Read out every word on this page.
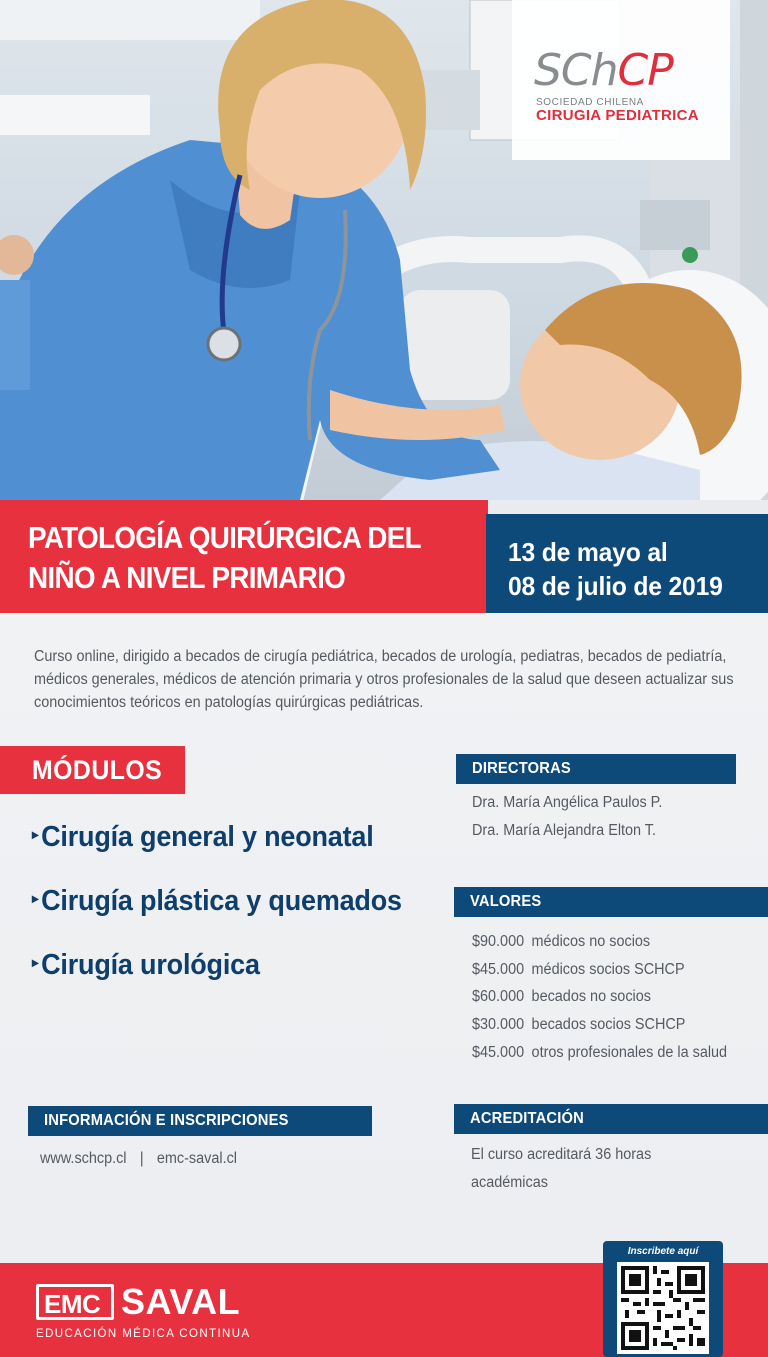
SChCP
SOCIEDAD CHILENA
CIRUGIA PEDIATRICA
PATOLOGÍA QUIRÚRGICA DEL
NIÑO A NIVEL PRIMARIO
13 de mayo al
08 de julio de 2019

Curso online, dirigido a becados de cirugía pediátrica, becados de urología, pediatras, becados de pediatría, médicos generales, médicos de atención primaria y otros profesionales de la salud que deseen actualizar sus conocimientos teóricos en patologías quirúrgicas pediátricas.

MÓDULOS
▸Cirugía general y neonatal
▸Cirugía plástica y quemados
▸Cirugía urológica
DIRECTORAS
Dra. María Angélica Paulos P.
Dra. María Alejandra Elton T.
VALORES
$90.000 médicos no socios
$45.000 médicos socios SCHCP
$60.000 becados no socios
$30.000 becados socios SCHCP
$45.000 otros profesionales de la salud
INFORMACIÓN E INSCRIPCIONES
www.schcp.cl | emc-saval.cl
ACREDITACIÓN
El curso acreditará 36 horas
académicas
EMC SAVAL
EDUCACIÓN MÉDICA CONTINUA
Inscribete aquí
